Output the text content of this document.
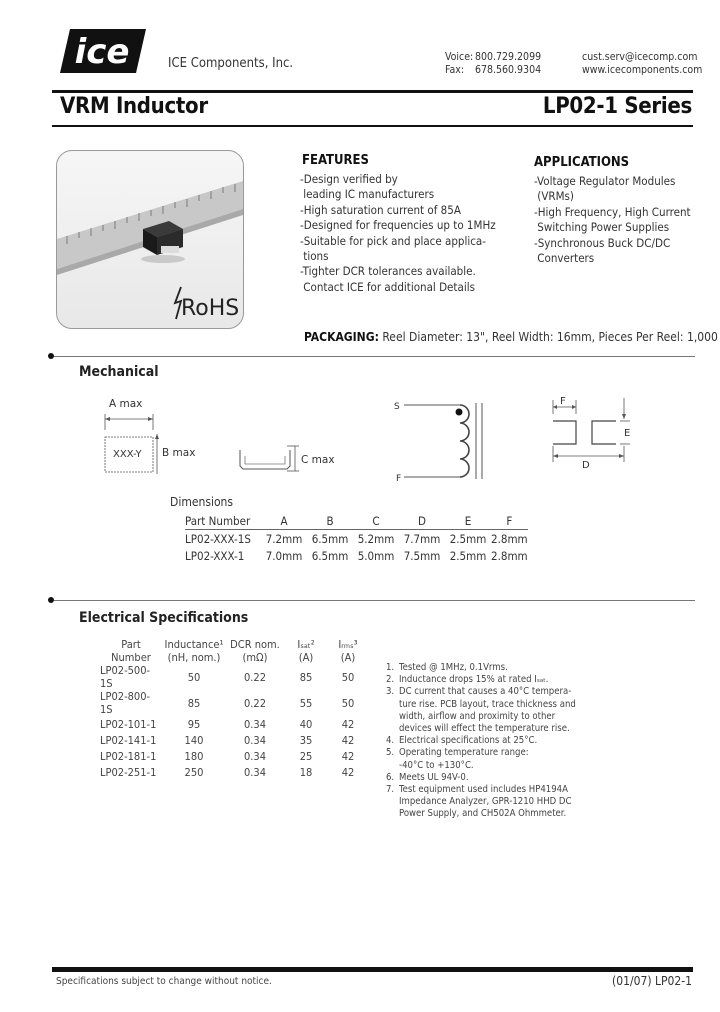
ice	ICE Components, Inc.	Voice:
Fax:
800.729.2099
678.560.9304
cust.serv@icecomp.com
www.icecomponents.com
VRM Inductor	LP02-1 Series
RoHS
FEATURES
-Design verified by
leading IC manufacturers
-High saturation current of 85A
-Designed for frequencies up to 1MHz
-Suitable for pick and place applica-
tions
-Tighter DCR tolerances available.
Contact ICE for additional Details
APPLICATIONS
-Voltage Regulator Modules
(VRMs)
-High Frequency, High Current
Switching Power Supplies
-Synchronous Buck DC/DC
Converters
PACKAGING: Reel Diameter: 13", Reel Width: 16mm, Pieces Per Reel: 1,000
Mechanical
A max
XXX-Y B max
C max
S
F
F
E
D
Dimensions
Part Number	A	B	C	D	E	F
LP02-XXX-1S	7.2mm	6.5mm	5.2mm	7.7mm	2.5mm	2.8mm
LP02-XXX-1	7.0mm	6.5mm	5.0mm	7.5mm	2.5mm	2.8mm
Electrical Specifications
Part	Inductance¹	DCR nom.	Iₛₐₜ²	Iᵣₘₛ³
Number	(nH, nom.)	(mΩ)	(A)	(A)
LP02-500-1S	50	0.22	85	50
LP02-800-1S	85	0.22	55	50
LP02-101-1	95	0.34	40	42
LP02-141-1	140	0.34	35	42
LP02-181-1	180	0.34	25	42
LP02-251-1	250	0.34	18	42
1. Tested @ 1MHz, 0.1Vrms.
2. Inductance drops 15% at rated Iₛₐₜ.
3. DC current that causes a 40°C tempera-
ture rise. PCB layout, trace thickness and
width, airflow and proximity to other
devices will effect the temperature rise.
4. Electrical specifications at 25°C.
5. Operating temperature range:
-40°C to +130°C.
6. Meets UL 94V-0.
7. Test equipment used includes HP4194A
Impedance Analyzer, GPR-1210 HHD DC
Power Supply, and CH502A Ohmmeter.
Specifications subject to change without notice.	(01/07) LP02-1
